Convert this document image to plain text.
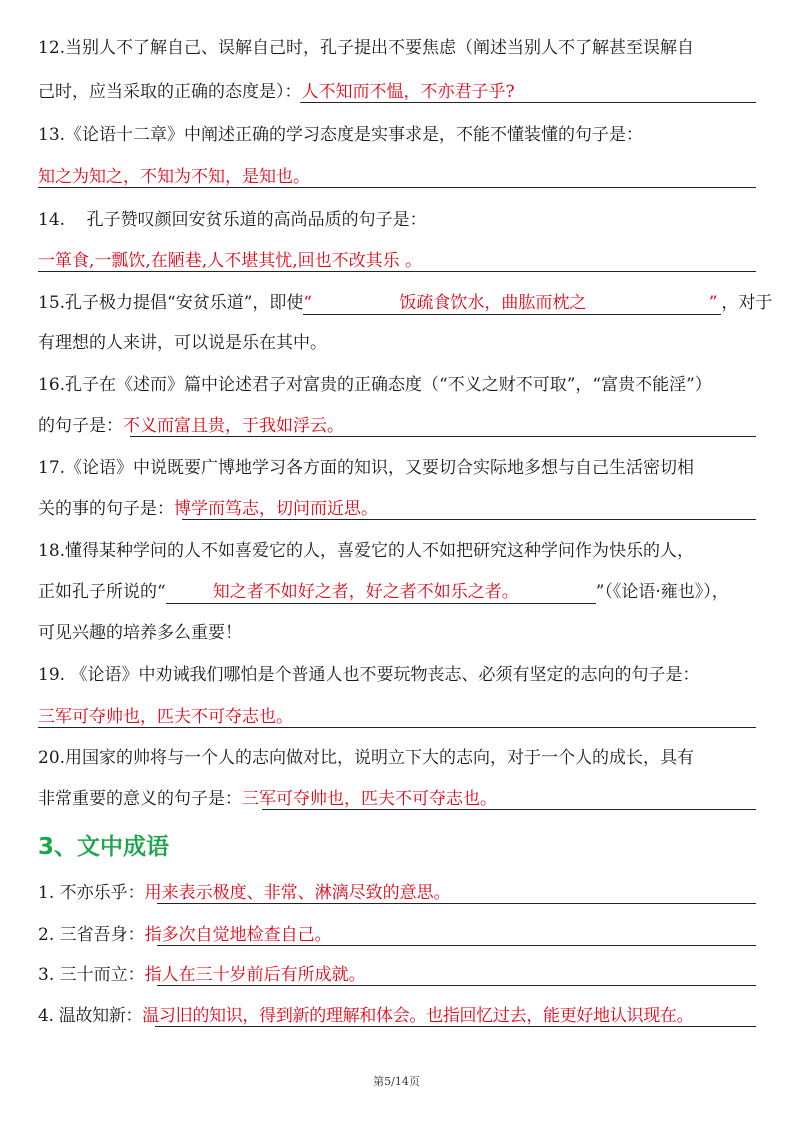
12.当别人不了解自己、误解自己时，孔子提出不要焦虑（阐述当别人不了解甚至误解自
己时，应当采取的正确的态度是）：人不知而不愠，不亦君子乎?
13.《论语十二章》中阐述正确的学习态度是实事求是，不能不懂装懂的句子是：
知之为知之，不知为不知，是知也。
14.    孔子赞叹颜回安贫乐道的高尚品质的句子是：
一箪食,一瓢饮,在陋巷,人不堪其忧,回也不改其乐 。
15.孔子极力提倡“安贫乐道”，即使“	饭疏食饮水，曲肱而枕之	” ，对于
有理想的人来讲，可以说是乐在其中。
16.孔子在《述而》篇中论述君子对富贵的正确态度（“不义之财不可取”，“富贵不能淫”）
的句子是：不义而富且贵，于我如浮云。
17.《论语》中说既要广博地学习各方面的知识，又要切合实际地多想与自己生活密切相
关的事的句子是：博学而笃志，切问而近思。
18.懂得某种学问的人不如喜爱它的人，喜爱它的人不如把研究这种学问作为快乐的人，
正如孔子所说的“	知之者不如好之者，好之者不如乐之者。	”（《论语·雍也》），
可见兴趣的培养多么重要！
19. 《论语》中劝诫我们哪怕是个普通人也不要玩物丧志、必须有坚定的志向的句子是：
三军可夺帅也，匹夫不可夺志也。
20.用国家的帅将与一个人的志向做对比，说明立下大的志向，对于一个人的成长，具有
非常重要的意义的句子是：三军可夺帅也，匹夫不可夺志也。
3、文中成语
1. 不亦乐乎：用来表示极度、非常、淋漓尽致的意思。
2. 三省吾身：指多次自觉地检查自己。
3. 三十而立：指人在三十岁前后有所成就。
4. 温故知新：温习旧的知识，得到新的理解和体会。也指回忆过去，能更好地认识现在。
第5/14页
